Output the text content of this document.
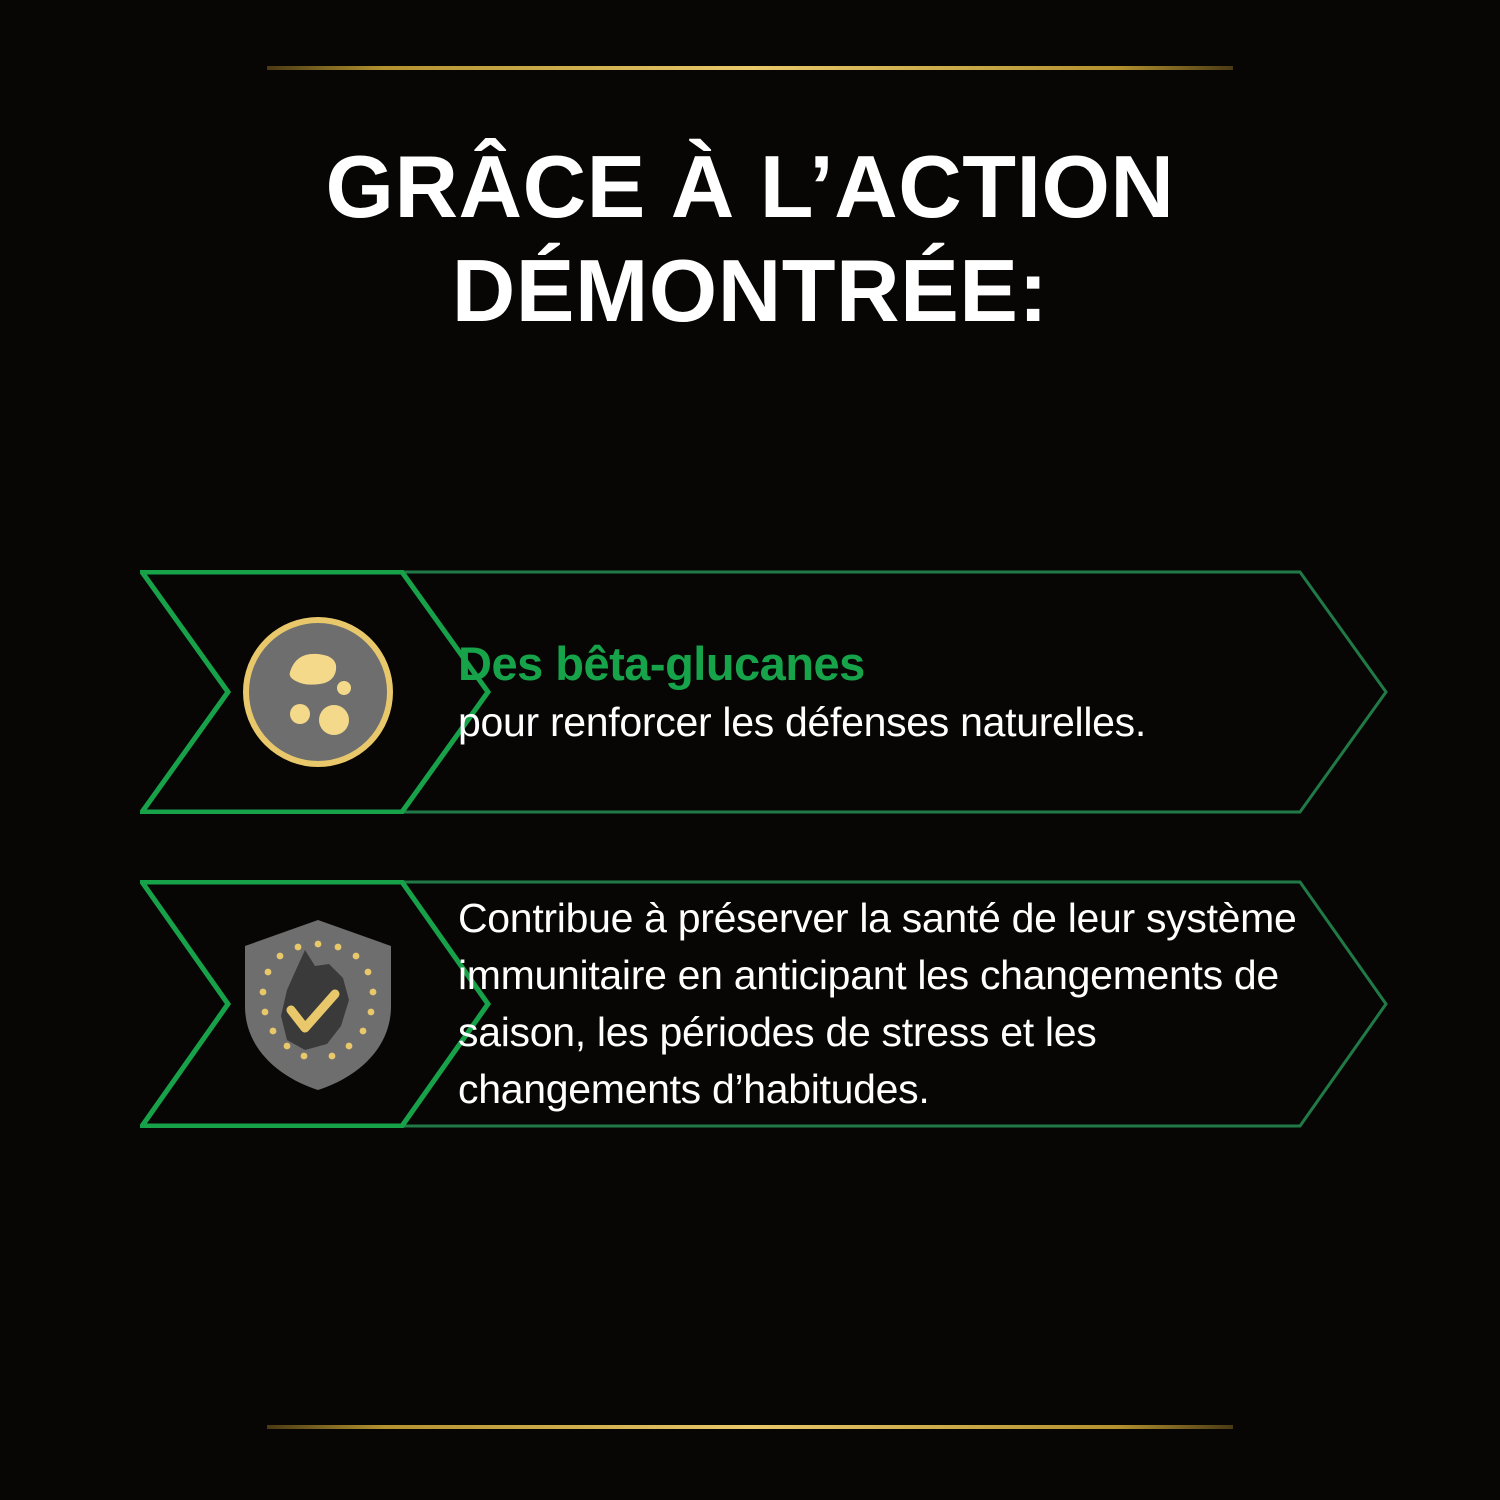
GRÂCE À L’ACTION
DÉMONTRÉE:
Des bêta-glucanes
pour renforcer les défenses naturelles.
Contribue à préserver la santé de leur système immunitaire en anticipant les changements de saison, les périodes de stress et les changements d’habitudes.
